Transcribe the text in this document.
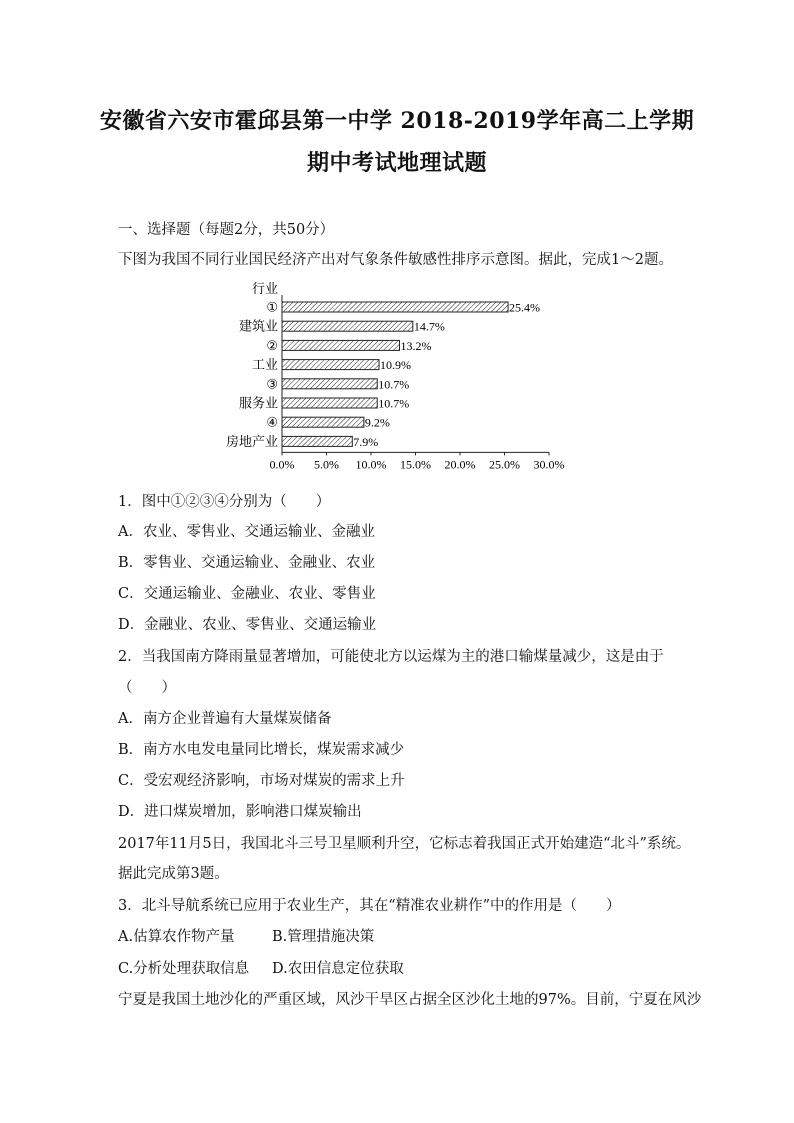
安徽省六安市霍邱县第一中学 2018-2019学年高二上学期
期中考试地理试题
一、选择题（每题2分，共50分）
下图为我国不同行业国民经济产出对气象条件敏感性排序示意图。据此，完成1～2题。
行业
①	25.4%
建筑业	14.7%
②	13.2%
工业	10.9%
③	10.7%
服务业	10.7%
④	9.2%
房地产业	7.9%
0.0% 5.0% 10.0% 15.0% 20.0% 25.0% 30.0%
1．图中①②③④分别为（　　）
A．农业、零售业、交通运输业、金融业
B．零售业、交通运输业、金融业、农业
C．交通运输业、金融业、农业、零售业
D．金融业、农业、零售业、交通运输业
2．当我国南方降雨量显著增加，可能使北方以运煤为主的港口输煤量减少，这是由于
（　　）
A．南方企业普遍有大量煤炭储备
B．南方水电发电量同比增长，煤炭需求减少
C．受宏观经济影响，市场对煤炭的需求上升
D．进口煤炭增加，影响港口煤炭输出
2017年11月5日，我国北斗三号卫星顺利升空，它标志着我国正式开始建造“北斗”系统。
据此完成第3题。
3．北斗导航系统已应用于农业生产，其在“精准农业耕作”中的作用是（　　）
A.估算农作物产量	B.管理措施决策
C.分析处理获取信息 D.农田信息定位获取
宁夏是我国土地沙化的严重区域，风沙干旱区占据全区沙化土地的97%。目前，宁夏在风沙
